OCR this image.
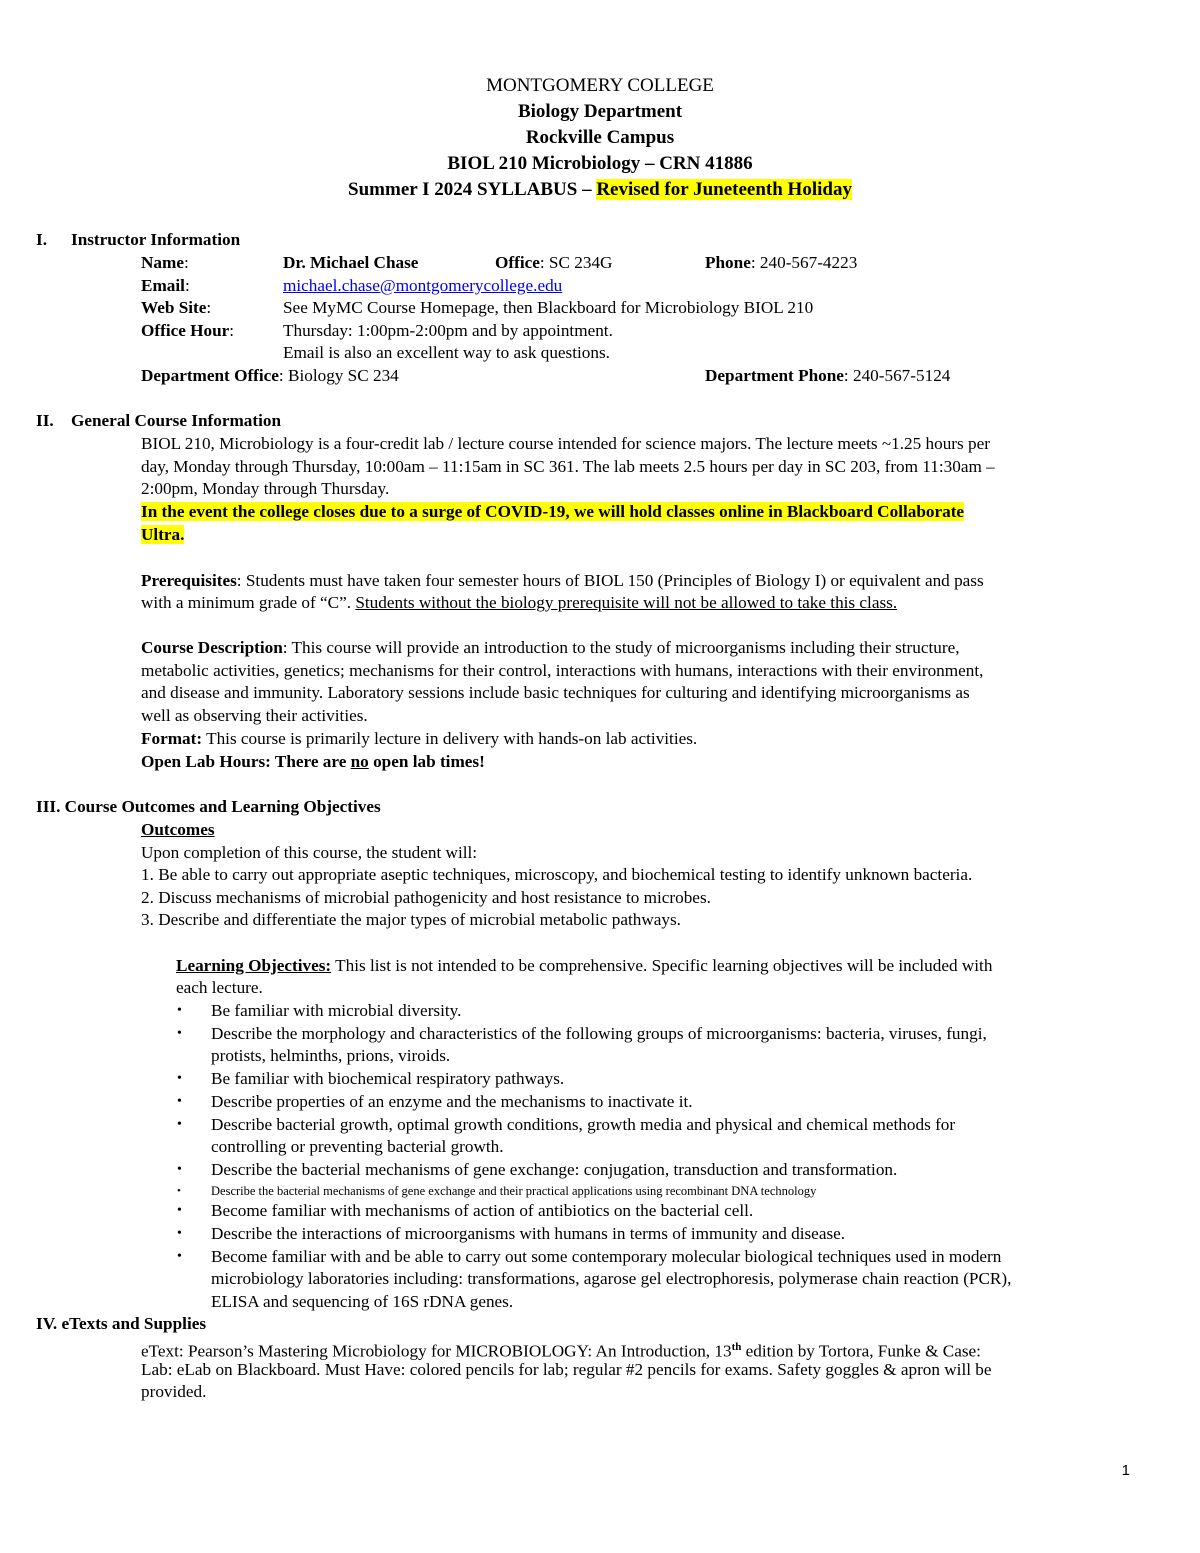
MONTGOMERY COLLEGE
Biology Department
Rockville Campus
BIOL 210 Microbiology – CRN 41886
Summer I 2024 SYLLABUS – Revised for Juneteenth Holiday
I. Instructor Information
Name:	Dr. Michael Chase	Office: SC 234G	Phone: 240-567-4223
Email:	michael.chase@montgomerycollege.edu
Web Site:	See MyMC Course Homepage, then Blackboard for Microbiology BIOL 210
Office Hour:	Thursday: 1:00pm-2:00pm and by appointment.
Email is also an excellent way to ask questions.
Department Office: Biology SC 234	Department Phone: 240-567-5124
II. General Course Information
BIOL 210, Microbiology is a four-credit lab / lecture course intended for science majors. The lecture meets ~1.25 hours per
day, Monday through Thursday, 10:00am – 11:15am in SC 361. The lab meets 2.5 hours per day in SC 203, from 11:30am –
2:00pm, Monday through Thursday.
In the event the college closes due to a surge of COVID-19, we will hold classes online in Blackboard Collaborate
Ultra.
Prerequisites: Students must have taken four semester hours of BIOL 150 (Principles of Biology I) or equivalent and pass
with a minimum grade of “C”. Students without the biology prerequisite will not be allowed to take this class.
Course Description: This course will provide an introduction to the study of microorganisms including their structure,
metabolic activities, genetics; mechanisms for their control, interactions with humans, interactions with their environment,
and disease and immunity. Laboratory sessions include basic techniques for culturing and identifying microorganisms as
well as observing their activities.
Format: This course is primarily lecture in delivery with hands-on lab activities.
Open Lab Hours: There are no open lab times!
III. Course Outcomes and Learning Objectives
Outcomes
Upon completion of this course, the student will:
1. Be able to carry out appropriate aseptic techniques, microscopy, and biochemical testing to identify unknown bacteria.
2. Discuss mechanisms of microbial pathogenicity and host resistance to microbes.
3. Describe and differentiate the major types of microbial metabolic pathways.
Learning Objectives: This list is not intended to be comprehensive. Specific learning objectives will be included with
each lecture.
• Be familiar with microbial diversity.
• Describe the morphology and characteristics of the following groups of microorganisms: bacteria, viruses, fungi,
protists, helminths, prions, viroids.
• Be familiar with biochemical respiratory pathways.
• Describe properties of an enzyme and the mechanisms to inactivate it.
• Describe bacterial growth, optimal growth conditions, growth media and physical and chemical methods for
controlling or preventing bacterial growth.
• Describe the bacterial mechanisms of gene exchange: conjugation, transduction and transformation.
• Describe the bacterial mechanisms of gene exchange and their practical applications using recombinant DNA technology
• Become familiar with mechanisms of action of antibiotics on the bacterial cell.
• Describe the interactions of microorganisms with humans in terms of immunity and disease.
• Become familiar with and be able to carry out some contemporary molecular biological techniques used in modern
microbiology laboratories including: transformations, agarose gel electrophoresis, polymerase chain reaction (PCR),
ELISA and sequencing of 16S rDNA genes.
IV. eTexts and Supplies
eText: Pearson’s Mastering Microbiology for MICROBIOLOGY: An Introduction, 13th edition by Tortora, Funke & Case:
Lab: eLab on Blackboard. Must Have: colored pencils for lab; regular #2 pencils for exams. Safety goggles & apron will be
provided.
1
